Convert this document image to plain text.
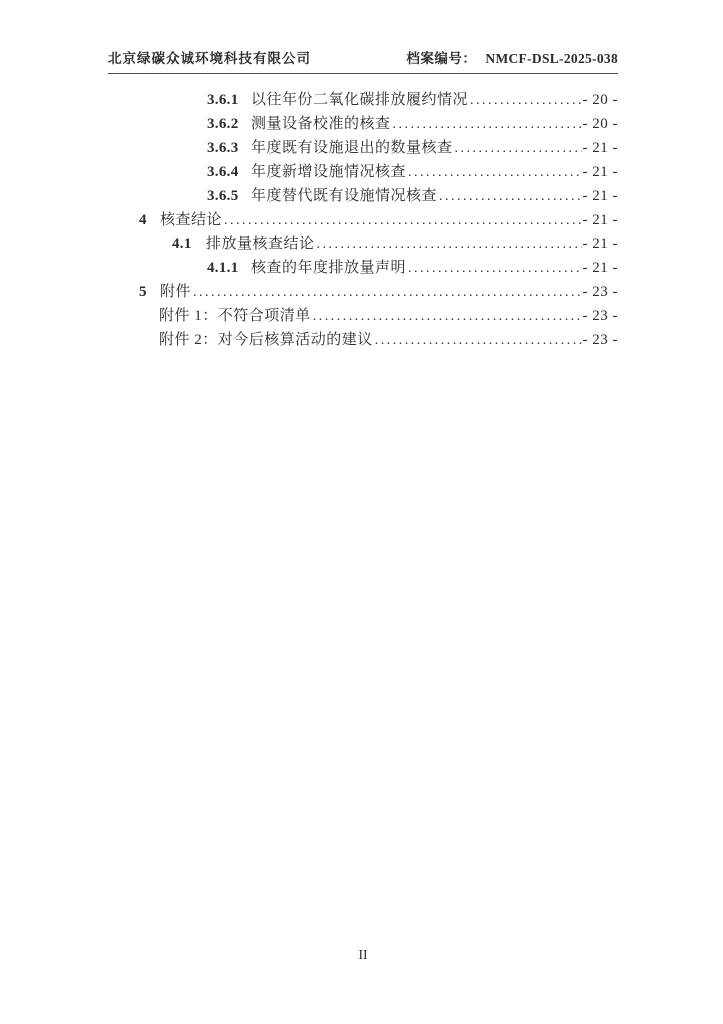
北京绿碳众诚环境科技有限公司	档案编号： NMCF-DSL-2025-038
3.6.1 以往年份二氧化碳排放履约情况 .....	- 20 -
3.6.2 测量设备校准的核查 .....	- 20 -
3.6.3 年度既有设施退出的数量核查 .....	- 21 -
3.6.4 年度新增设施情况核查 .....	- 21 -
3.6.5 年度替代既有设施情况核查 .....	- 21 -
4 核查结论 .....	- 21 -
4.1 排放量核查结论 .....	- 21 -
4.1.1 核查的年度排放量声明 .....	- 21 -
5 附件 .....	- 23 -
附件 1：不符合项清单 .....	- 23 -
附件 2：对今后核算活动的建议 .....	- 23 -
II
